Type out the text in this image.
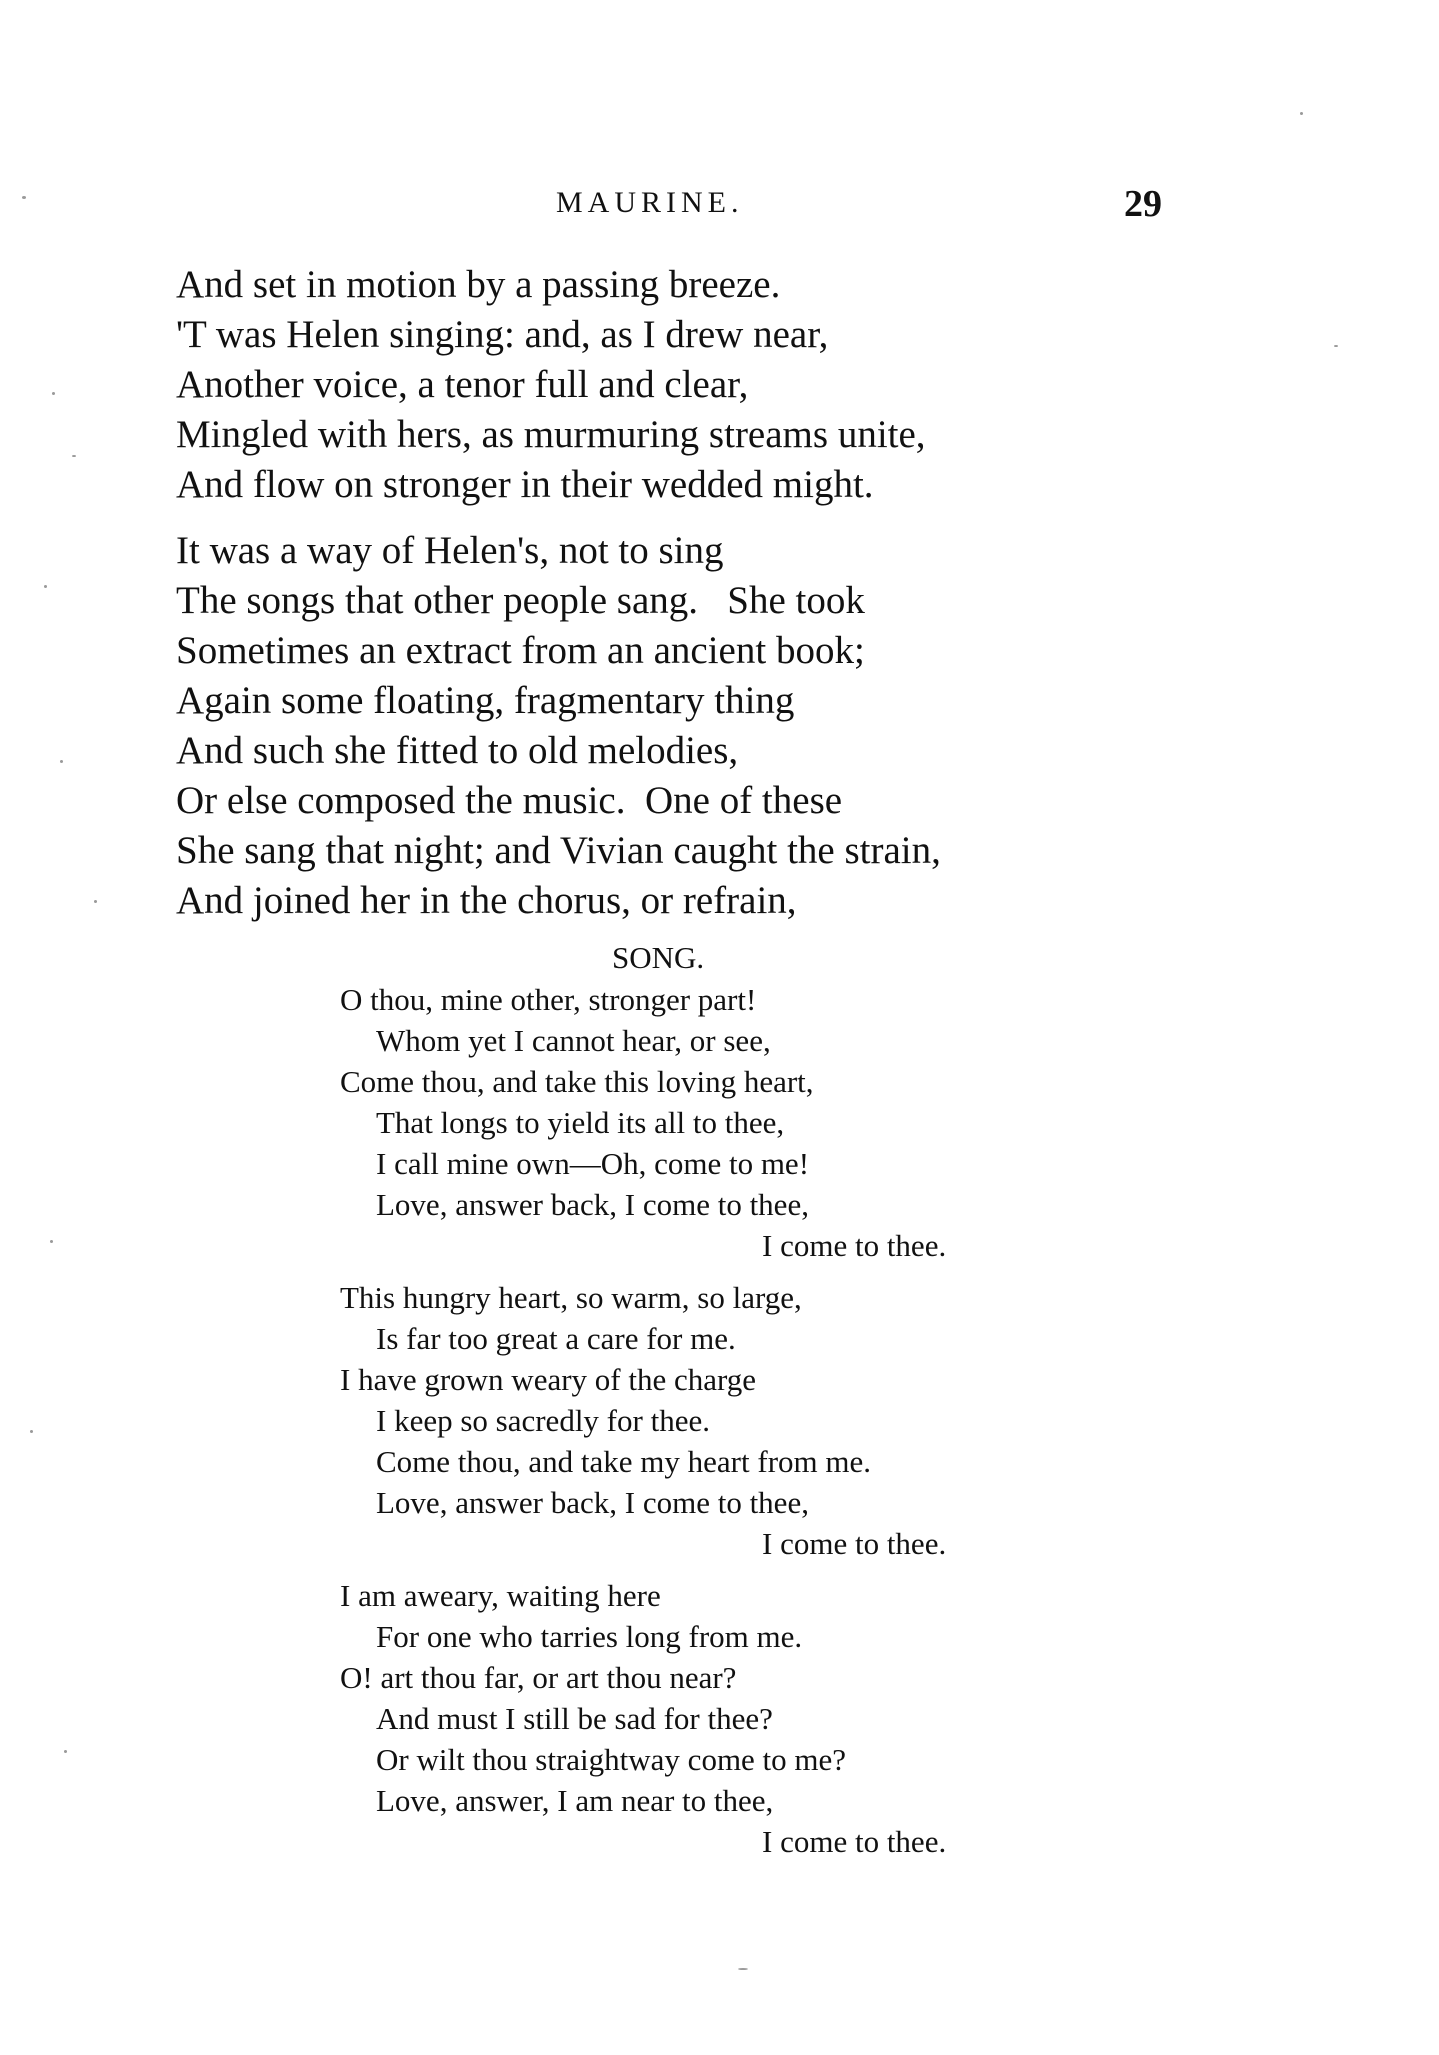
MAURINE.	29
And set in motion by a passing breeze.
'T was Helen singing: and, as I drew near,
Another voice, a tenor full and clear,
Mingled with hers, as murmuring streams unite,
And flow on stronger in their wedded might.
It was a way of Helen's, not to sing
The songs that other people sang.   She took
Sometimes an extract from an ancient book;
Again some floating, fragmentary thing
And such she fitted to old melodies,
Or else composed the music.  One of these
She sang that night; and Vivian caught the strain,
And joined her in the chorus, or refrain,
SONG.
O thou, mine other, stronger part!
Whom yet I cannot hear, or see,
Come thou, and take this loving heart,
That longs to yield its all to thee,
I call mine own—Oh, come to me!
Love, answer back, I come to thee,
I come to thee.
This hungry heart, so warm, so large,
Is far too great a care for me.
I have grown weary of the charge
I keep so sacredly for thee.
Come thou, and take my heart from me.
Love, answer back, I come to thee,
I come to thee.
I am aweary, waiting here
For one who tarries long from me.
O! art thou far, or art thou near?
And must I still be sad for thee?
Or wilt thou straightway come to me?
Love, answer, I am near to thee,
I come to thee.
